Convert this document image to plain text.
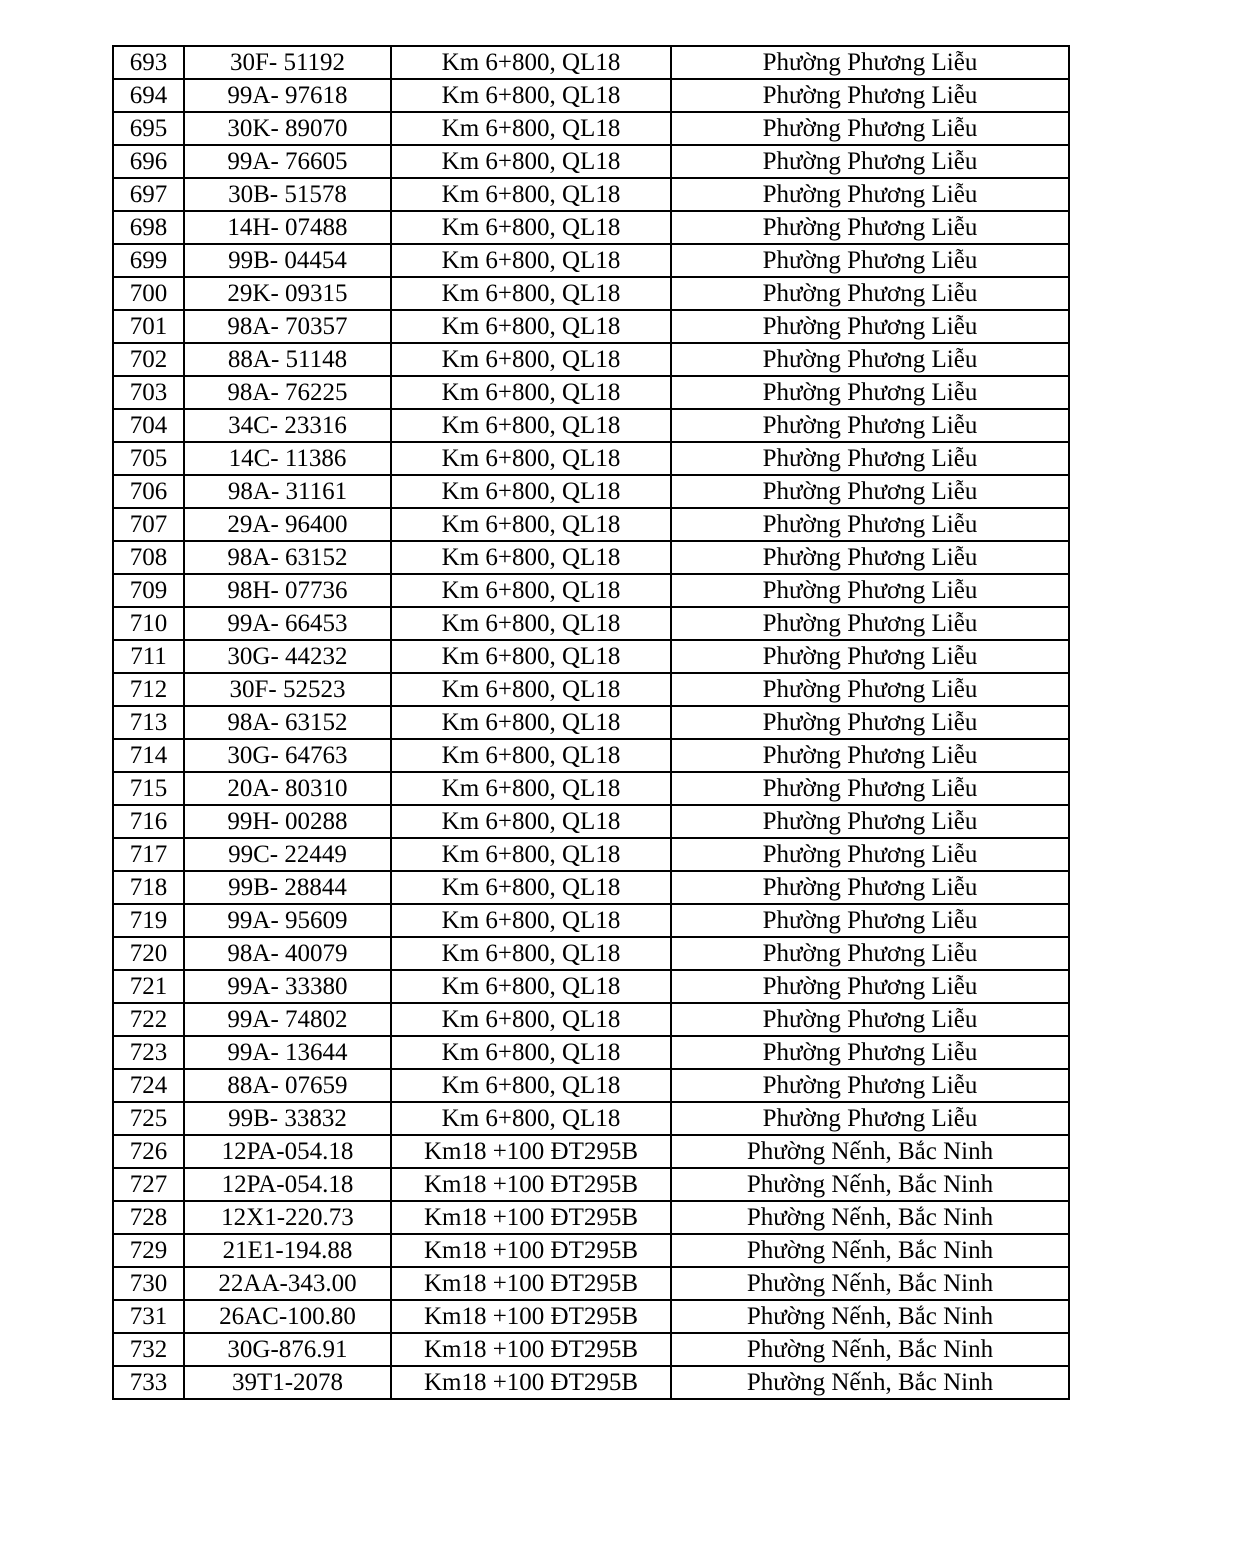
693	30F- 51192	Km 6+800, QL18	Phường Phương Liễu
694	99A- 97618	Km 6+800, QL18	Phường Phương Liễu
695	30K- 89070	Km 6+800, QL18	Phường Phương Liễu
696	99A- 76605	Km 6+800, QL18	Phường Phương Liễu
697	30B- 51578	Km 6+800, QL18	Phường Phương Liễu
698	14H- 07488	Km 6+800, QL18	Phường Phương Liễu
699	99B- 04454	Km 6+800, QL18	Phường Phương Liễu
700	29K- 09315	Km 6+800, QL18	Phường Phương Liễu
701	98A- 70357	Km 6+800, QL18	Phường Phương Liễu
702	88A- 51148	Km 6+800, QL18	Phường Phương Liễu
703	98A- 76225	Km 6+800, QL18	Phường Phương Liễu
704	34C- 23316	Km 6+800, QL18	Phường Phương Liễu
705	14C- 11386	Km 6+800, QL18	Phường Phương Liễu
706	98A- 31161	Km 6+800, QL18	Phường Phương Liễu
707	29A- 96400	Km 6+800, QL18	Phường Phương Liễu
708	98A- 63152	Km 6+800, QL18	Phường Phương Liễu
709	98H- 07736	Km 6+800, QL18	Phường Phương Liễu
710	99A- 66453	Km 6+800, QL18	Phường Phương Liễu
711	30G- 44232	Km 6+800, QL18	Phường Phương Liễu
712	30F- 52523	Km 6+800, QL18	Phường Phương Liễu
713	98A- 63152	Km 6+800, QL18	Phường Phương Liễu
714	30G- 64763	Km 6+800, QL18	Phường Phương Liễu
715	20A- 80310	Km 6+800, QL18	Phường Phương Liễu
716	99H- 00288	Km 6+800, QL18	Phường Phương Liễu
717	99C- 22449	Km 6+800, QL18	Phường Phương Liễu
718	99B- 28844	Km 6+800, QL18	Phường Phương Liễu
719	99A- 95609	Km 6+800, QL18	Phường Phương Liễu
720	98A- 40079	Km 6+800, QL18	Phường Phương Liễu
721	99A- 33380	Km 6+800, QL18	Phường Phương Liễu
722	99A- 74802	Km 6+800, QL18	Phường Phương Liễu
723	99A- 13644	Km 6+800, QL18	Phường Phương Liễu
724	88A- 07659	Km 6+800, QL18	Phường Phương Liễu
725	99B- 33832	Km 6+800, QL18	Phường Phương Liễu
726	12PA-054.18	Km18 +100 ĐT295B	Phường Nếnh, Bắc Ninh
727	12PA-054.18	Km18 +100 ĐT295B	Phường Nếnh, Bắc Ninh
728	12X1-220.73	Km18 +100 ĐT295B	Phường Nếnh, Bắc Ninh
729	21E1-194.88	Km18 +100 ĐT295B	Phường Nếnh, Bắc Ninh
730	22AA-343.00	Km18 +100 ĐT295B	Phường Nếnh, Bắc Ninh
731	26AC-100.80	Km18 +100 ĐT295B	Phường Nếnh, Bắc Ninh
732	30G-876.91	Km18 +100 ĐT295B	Phường Nếnh, Bắc Ninh
733	39T1-2078	Km18 +100 ĐT295B	Phường Nếnh, Bắc Ninh
